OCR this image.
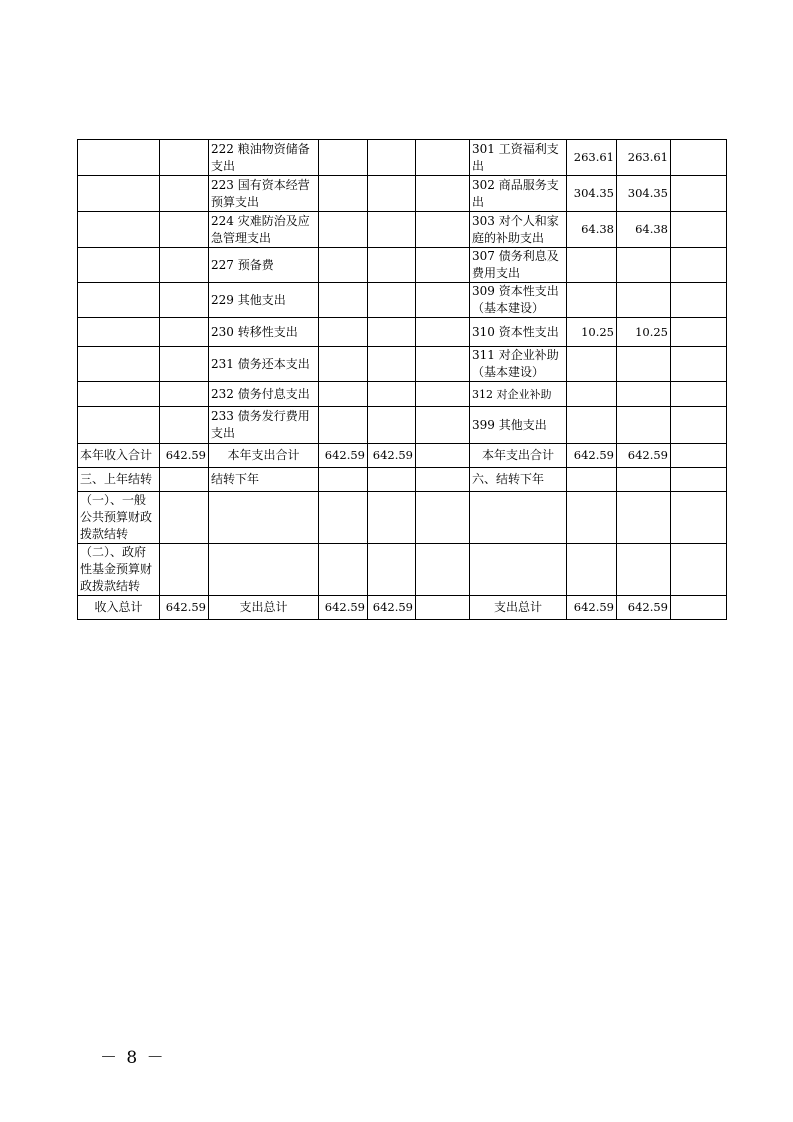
		222 粮油物资储备支出				301 工资福利支出	263.61	263.61	
		223 国有资本经营预算支出				302 商品服务支出	304.35	304.35	
		224 灾难防治及应急管理支出				303 对个人和家庭的补助支出	64.38	64.38	
		227 预备费				307 债务利息及费用支出			
		229 其他支出				309 资本性支出（基本建设）			
		230 转移性支出				310 资本性支出	10.25	10.25	
		231 债务还本支出				311 对企业补助（基本建设）			
		232 债务付息支出				312 对企业补助			
		233 债务发行费用支出				399 其他支出			
本年收入合计	642.59	本年支出合计	642.59	642.59		本年支出合计	642.59	642.59	
三、上年结转		结转下年				六、结转下年			
（一）、一般公共预算财政拨款结转									
（二）、政府性基金预算财政拨款结转									
收入总计	642.59	支出总计	642.59	642.59		支出总计	642.59	642.59	
－ 8 －
